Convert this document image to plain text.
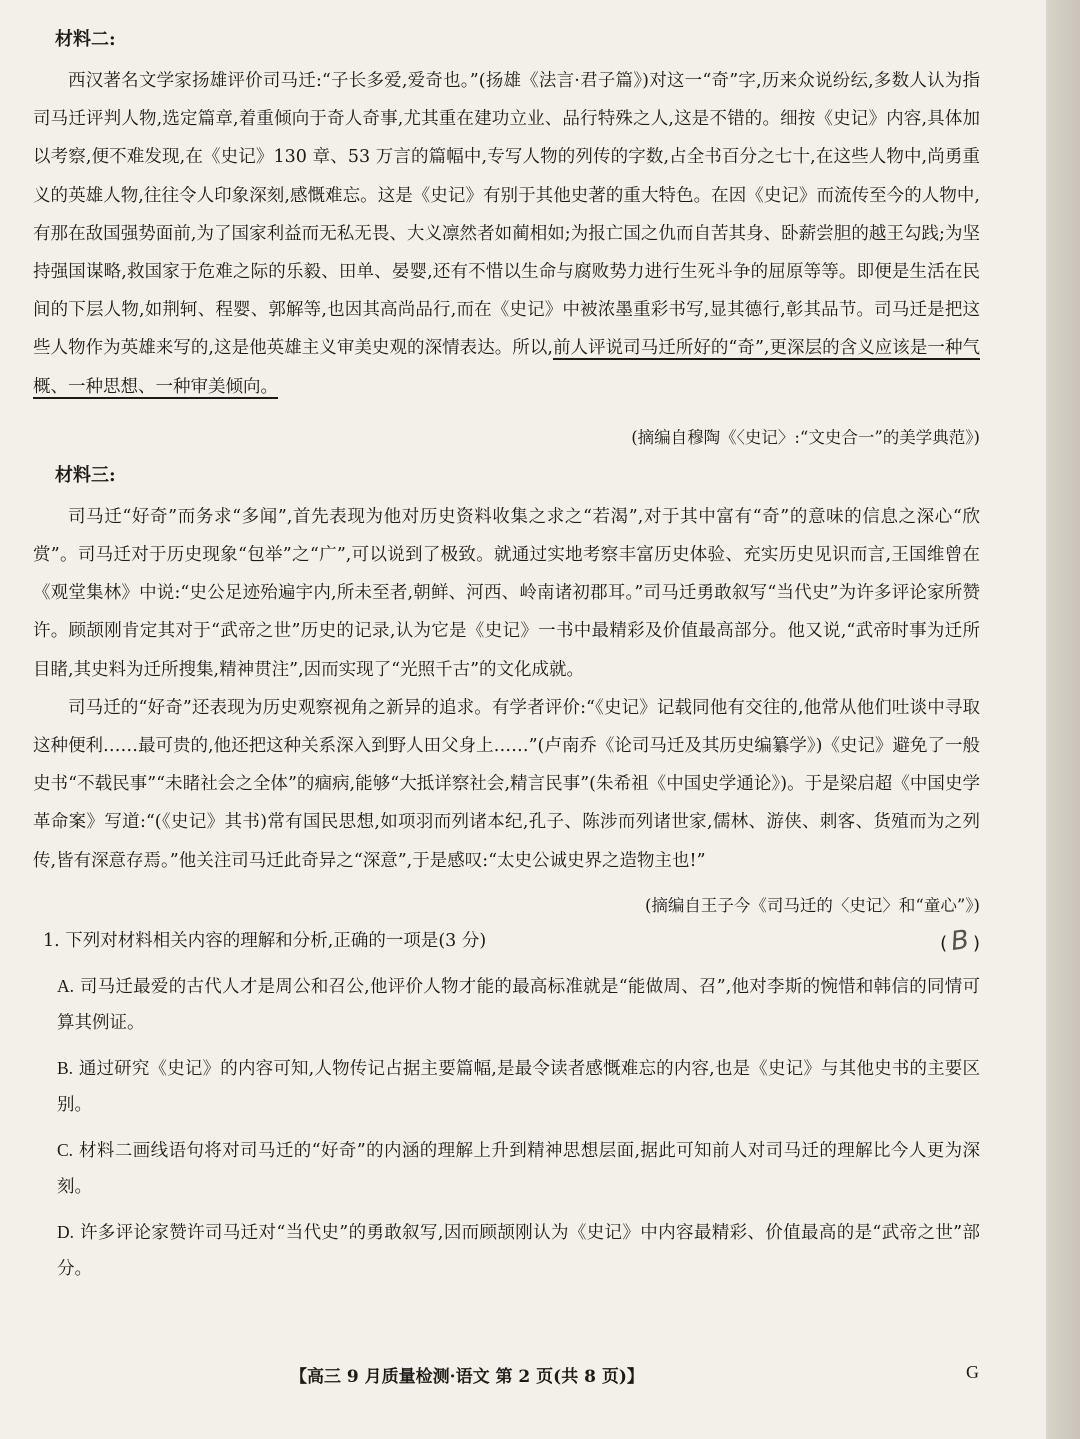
材料二:

西汉著名文学家扬雄评价司马迁:“子长多爱,爱奇也。”(扬雄《法言·君子篇》)对这一“奇”字,历来众说纷纭,多数人认为指司马迁评判人物,选定篇章,着重倾向于奇人奇事,尤其重在建功立业、品行特殊之人,这是不错的。细按《史记》内容,具体加以考察,便不难发现,在《史记》130 章、53 万言的篇幅中,专写人物的列传的字数,占全书百分之七十,在这些人物中,尚勇重义的英雄人物,往往令人印象深刻,感慨难忘。这是《史记》有别于其他史著的重大特色。在因《史记》而流传至今的人物中,有那在敌国强势面前,为了国家利益而无私无畏、大义凛然者如蔺相如;为报亡国之仇而自苦其身、卧薪尝胆的越王勾践;为坚持强国谋略,救国家于危难之际的乐毅、田单、晏婴,还有不惜以生命与腐败势力进行生死斗争的屈原等等。即便是生活在民间的下层人物,如荆轲、程婴、郭解等,也因其高尚品行,而在《史记》中被浓墨重彩书写,显其德行,彰其品节。司马迁是把这些人物作为英雄来写的,这是他英雄主义审美史观的深情表达。所以,前人评说司马迁所好的“奇”,更深层的含义应该是一种气概、一种思想、一种审美倾向。

(摘编自穆陶《〈史记〉:“文史合一”的美学典范》)
材料三:

司马迁“好奇”而务求“多闻”,首先表现为他对历史资料收集之求之“若渴”,对于其中富有“奇”的意味的信息之深心“欣赏”。司马迁对于历史现象“包举”之“广”,可以说到了极致。就通过实地考察丰富历史体验、充实历史见识而言,王国维曾在《观堂集林》中说:“史公足迹殆遍宇内,所未至者,朝鲜、河西、岭南诸初郡耳。”司马迁勇敢叙写“当代史”为许多评论家所赞许。顾颉刚肯定其对于“武帝之世”历史的记录,认为它是《史记》一书中最精彩及价值最高部分。他又说,“武帝时事为迁所目睹,其史料为迁所搜集,精神贯注”,因而实现了“光照千古”的文化成就。

司马迁的“好奇”还表现为历史观察视角之新异的追求。有学者评价:“《史记》记载同他有交往的,他常从他们吐谈中寻取这种便利……最可贵的,他还把这种关系深入到野人田父身上……”(卢南乔《论司马迁及其历史编纂学》)《史记》避免了一般史书“不载民事”“未睹社会之全体”的痼病,能够“大抵详察社会,精言民事”(朱希祖《中国史学通论》)。于是梁启超《中国史学革命案》写道:“(《史记》其书)常有国民思想,如项羽而列诸本纪,孔子、陈涉而列诸世家,儒林、游侠、刺客、货殖而为之列传,皆有深意存焉。”他关注司马迁此奇异之“深意”,于是感叹:“太史公诚史界之造物主也!”

(摘编自王子今《司马迁的〈史记〉和“童心”》)
1. 下列对材料相关内容的理解和分析,正确的一项是(3 分)	(B )
A. 司马迁最爱的古代人才是周公和召公,他评价人物才能的最高标准就是“能做周、召”,他对李斯的惋惜和韩信的同情可算其例证。
B. 通过研究《史记》的内容可知,人物传记占据主要篇幅,是最令读者感慨难忘的内容,也是《史记》与其他史书的主要区别。
C. 材料二画线语句将对司马迁的“好奇”的内涵的理解上升到精神思想层面,据此可知前人对司马迁的理解比今人更为深刻。
D. 许多评论家赞许司马迁对“当代史”的勇敢叙写,因而顾颉刚认为《史记》中内容最精彩、价值最高的是“武帝之世”部分。
【高三 9 月质量检测·语文 第 2 页(共 8 页)】	G
